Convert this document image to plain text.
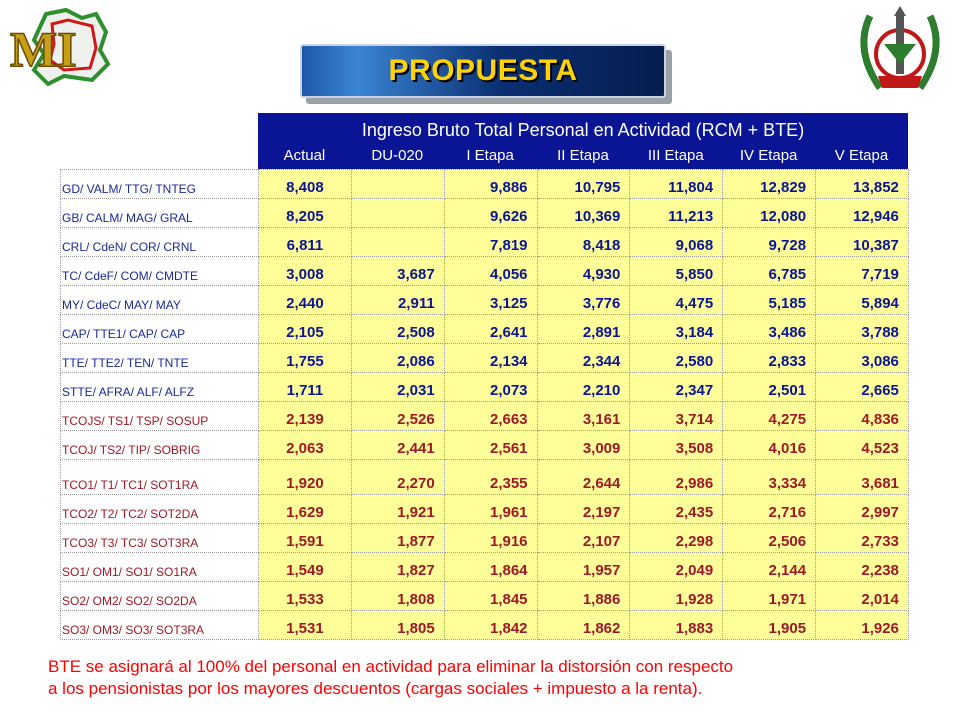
MI	PROPUESTA
Ingreso Bruto Total Personal en Actividad (RCM + BTE)
Actual	DU-020	I Etapa	II Etapa	III Etapa	IV Etapa	V Etapa
GD/ VALM/ TTG/ TNTEG	8,408		9,886	10,795	11,804	12,829	13,852
GB/ CALM/ MAG/ GRAL	8,205		9,626	10,369	11,213	12,080	12,946
CRL/ CdeN/ COR/ CRNL	6,811		7,819	8,418	9,068	9,728	10,387
TC/ CdeF/ COM/ CMDTE	3,008	3,687	4,056	4,930	5,850	6,785	7,719
MY/ CdeC/ MAY/ MAY	2,440	2,911	3,125	3,776	4,475	5,185	5,894
CAP/ TTE1/ CAP/ CAP	2,105	2,508	2,641	2,891	3,184	3,486	3,788
TTE/ TTE2/ TEN/ TNTE	1,755	2,086	2,134	2,344	2,580	2,833	3,086
STTE/ AFRA/ ALF/ ALFZ	1,711	2,031	2,073	2,210	2,347	2,501	2,665
TCOJS/ TS1/ TSP/ SOSUP	2,139	2,526	2,663	3,161	3,714	4,275	4,836
TCOJ/ TS2/ TIP/ SOBRIG	2,063	2,441	2,561	3,009	3,508	4,016	4,523
TCO1/ T1/ TC1/ SOT1RA	1,920	2,270	2,355	2,644	2,986	3,334	3,681
TCO2/ T2/ TC2/ SOT2DA	1,629	1,921	1,961	2,197	2,435	2,716	2,997
TCO3/ T3/ TC3/ SOT3RA	1,591	1,877	1,916	2,107	2,298	2,506	2,733
SO1/ OM1/ SO1/ SO1RA	1,549	1,827	1,864	1,957	2,049	2,144	2,238
SO2/ OM2/ SO2/ SO2DA	1,533	1,808	1,845	1,886	1,928	1,971	2,014
SO3/ OM3/ SO3/ SOT3RA	1,531	1,805	1,842	1,862	1,883	1,905	1,926
BTE se asignará al 100% del personal en actividad para eliminar la distorsión con respecto
a los pensionistas por los mayores descuentos (cargas sociales + impuesto a la renta).
